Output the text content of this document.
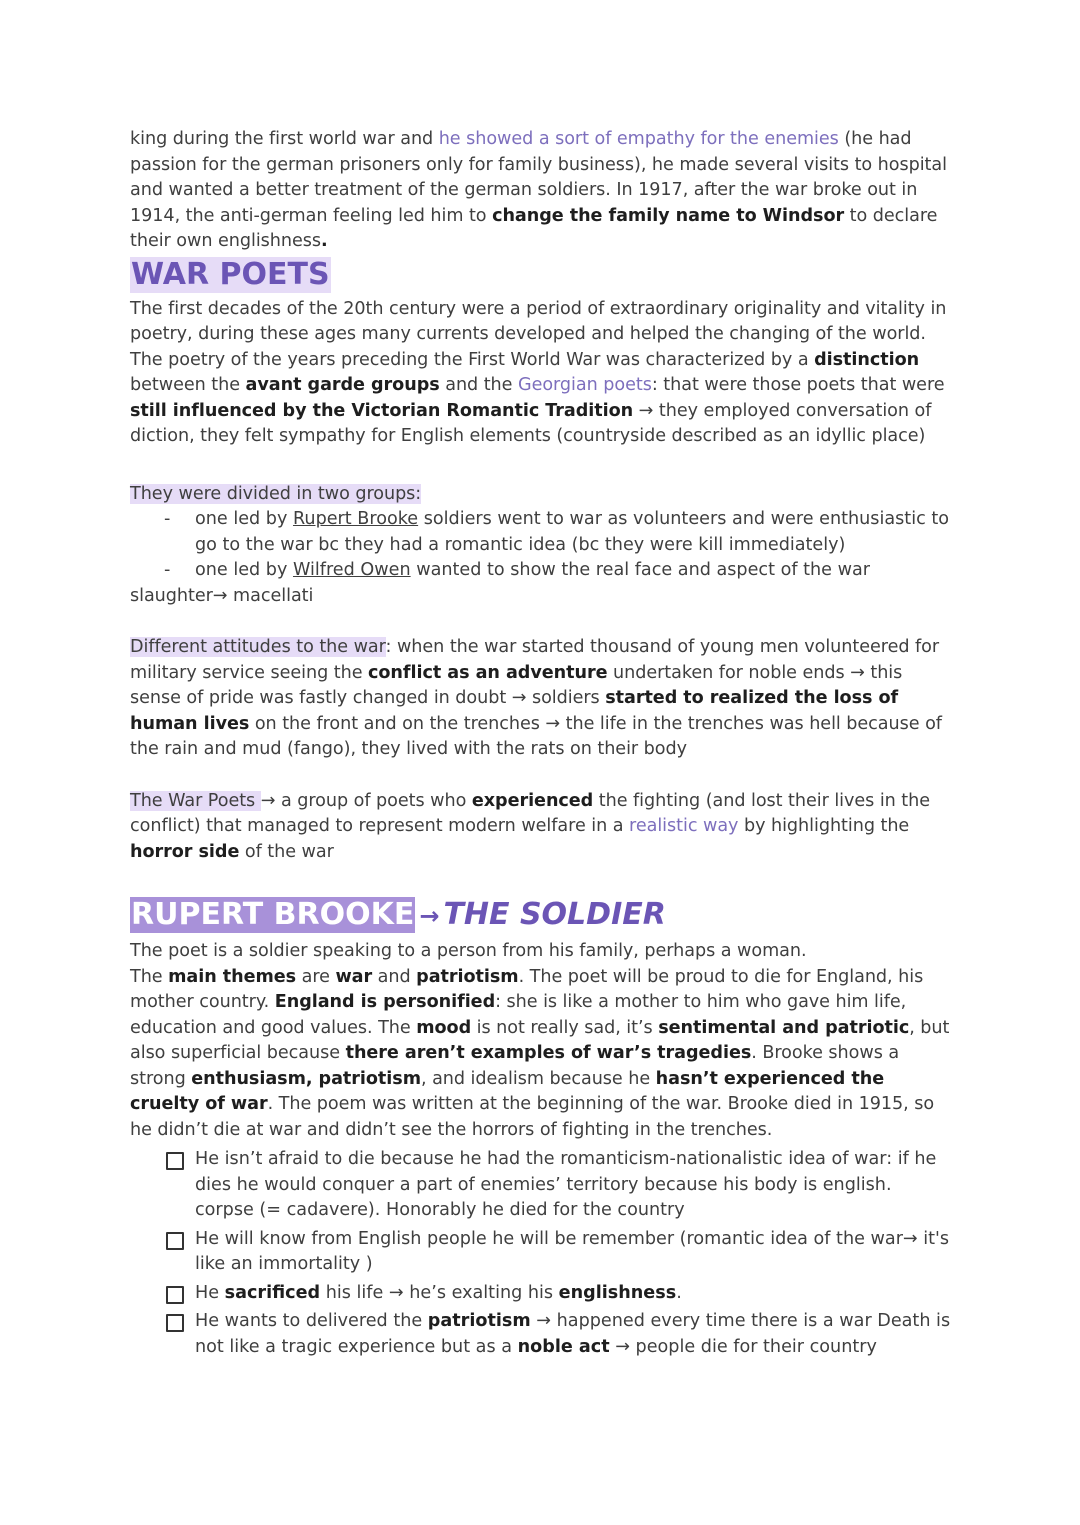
king during the first world war and he showed a sort of empathy for the enemies (he had passion for the german prisoners only for family business), he made several visits to hospital and wanted a better treatment of the german soldiers. In 1917, after the war broke out in 1914, the anti-german feeling led him to change the family name to Windsor to declare their own englishness.

WAR POETS

The first decades of the 20th century were a period of extraordinary originality and vitality in poetry, during these ages many currents developed and helped the changing of the world. The poetry of the years preceding the First World War was characterized by a distinction between the avant garde groups and the Georgian poets: that were those poets that were still influenced by the Victorian Romantic Tradition → they employed conversation of diction, they felt sympathy for English elements (countryside described as an idyllic place)

They were divided in two groups:

- one led by Rupert Brooke soldiers went to war as volunteers and were enthusiastic to go to the war bc they had a romantic idea (bc they were kill immediately)
- one led by Wilfred Owen wanted to show the real face and aspect of the war

slaughter→ macellati

Different attitudes to the war: when the war started thousand of young men volunteered for military service seeing the conflict as an adventure undertaken for noble ends → this sense of pride was fastly changed in doubt → soldiers started to realized the loss of human lives on the front and on the trenches → the life in the trenches was hell because of the rain and mud (fango), they lived with the rats on their body

The War Poets → a group of poets who experienced the fighting (and lost their lives in the conflict) that managed to represent modern welfare in a realistic way by highlighting the horror side of the war

RUPERT BROOKE → THE SOLDIER

The poet is a soldier speaking to a person from his family, perhaps a woman.

The main themes are war and patriotism. The poet will be proud to die for England, his mother country. England is personified: she is like a mother to him who gave him life, education and good values. The mood is not really sad, it’s sentimental and patriotic, but also superficial because there aren’t examples of war’s tragedies. Brooke shows a strong enthusiasm, patriotism, and idealism because he hasn’t experienced the cruelty of war. The poem was written at the beginning of the war. Brooke died in 1915, so he didn’t die at war and didn’t see the horrors of fighting in the trenches.

He isn’t afraid to die because he had the romanticism-nationalistic idea of war: if he dies he would conquer a part of enemies’ territory because his body is english. corpse (= cadavere). Honorably he died for the country
He will know from English people he will be remember (romantic idea of the war→ it's like an immortality )
He sacrificed his life → he’s exalting his englishness.
He wants to delivered the patriotism → happened every time there is a war Death is not like a tragic experience but as a noble act → people die for their country
